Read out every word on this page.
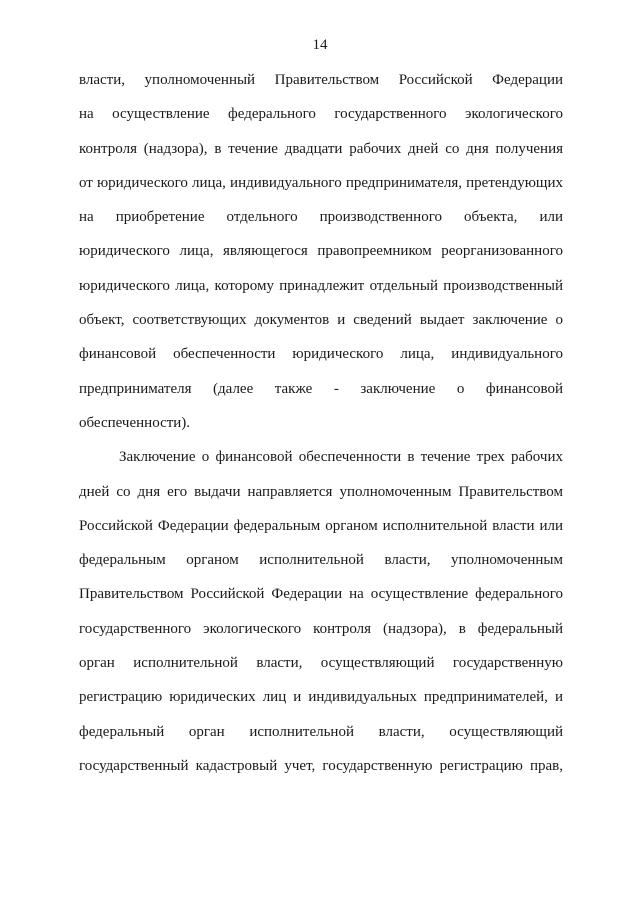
14
власти, уполномоченный Правительством Российской Федерации
на осуществление федерального государственного экологического
контроля (надзора), в течение двадцати рабочих дней со дня получения
от юридического лица, индивидуального предпринимателя, претендующих
на приобретение отдельного производственного объекта, или
юридического лица, являющегося правопреемником реорганизованного
юридического лица, которому принадлежит отдельный производственный
объект, соответствующих документов и сведений выдает заключение о
финансовой обеспеченности юридического лица, индивидуального
предпринимателя (далее также - заключение о финансовой
обеспеченности).
Заключение о финансовой обеспеченности в течение трех рабочих
дней со дня его выдачи направляется уполномоченным Правительством
Российской Федерации федеральным органом исполнительной власти или
федеральным органом исполнительной власти, уполномоченным
Правительством Российской Федерации на осуществление федерального
государственного экологического контроля (надзора), в федеральный
орган исполнительной власти, осуществляющий государственную
регистрацию юридических лиц и индивидуальных предпринимателей, и
федеральный орган исполнительной власти, осуществляющий
государственный кадастровый учет, государственную регистрацию прав,
